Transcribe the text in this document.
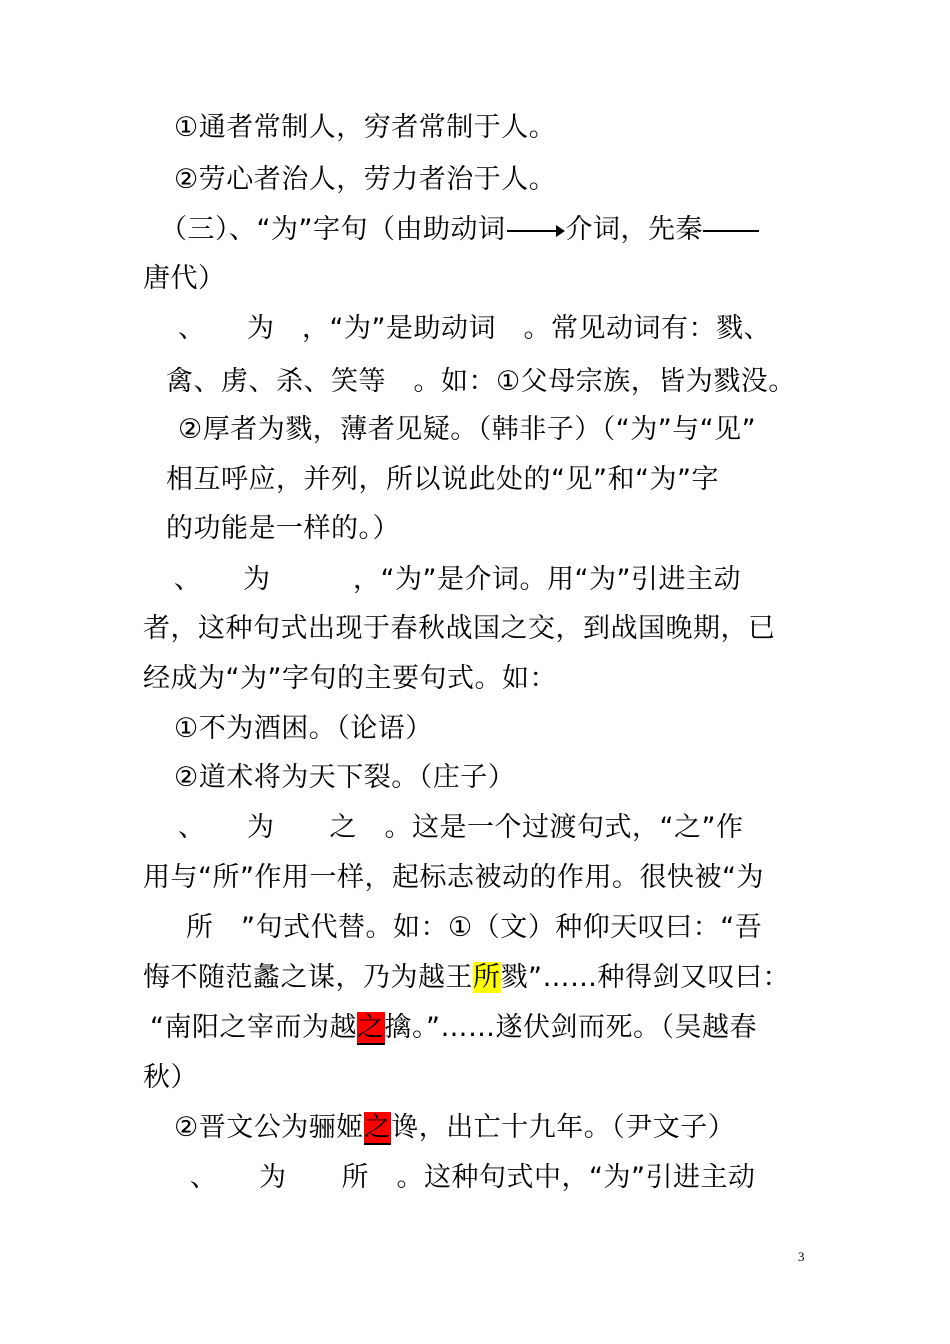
①通者常制人，穷者常制于人。
②劳心者治人，劳力者治于人。
（三）、“为”字句（由助动词 介词，先秦
唐代）
、　　为　，“为”是助动词　。常见动词有：戮、
禽、虏、杀、笑等　。如：①父母宗族，皆为戮没。
②厚者为戮，薄者见疑。（韩非子）（“为”与“见”
相互呼应，并列，所以说此处的“见”和“为”字
的功能是一样的。）
、　　为　　　，“为”是介词。用“为”引进主动
者，这种句式出现于春秋战国之交，到战国晚期，已
经成为“为”字句的主要句式。如：
①不为酒困。（论语）
②道术将为天下裂。（庄子）
、　　为　　之　。这是一个过渡句式，“之”作
用与“所”作用一样，起标志被动的作用。很快被“为
所　”句式代替。如：①（文）种仰天叹曰：“吾
悔不随范蠡之谋，乃为越王所戮”……种得剑又叹曰：
“南阳之宰而为越之擒。”……遂伏剑而死。（吴越春
秋）
②晋文公为骊姬之谗，出亡十九年。（尹文子）
、　　为　　所　。这种句式中，“为”引进主动
3
